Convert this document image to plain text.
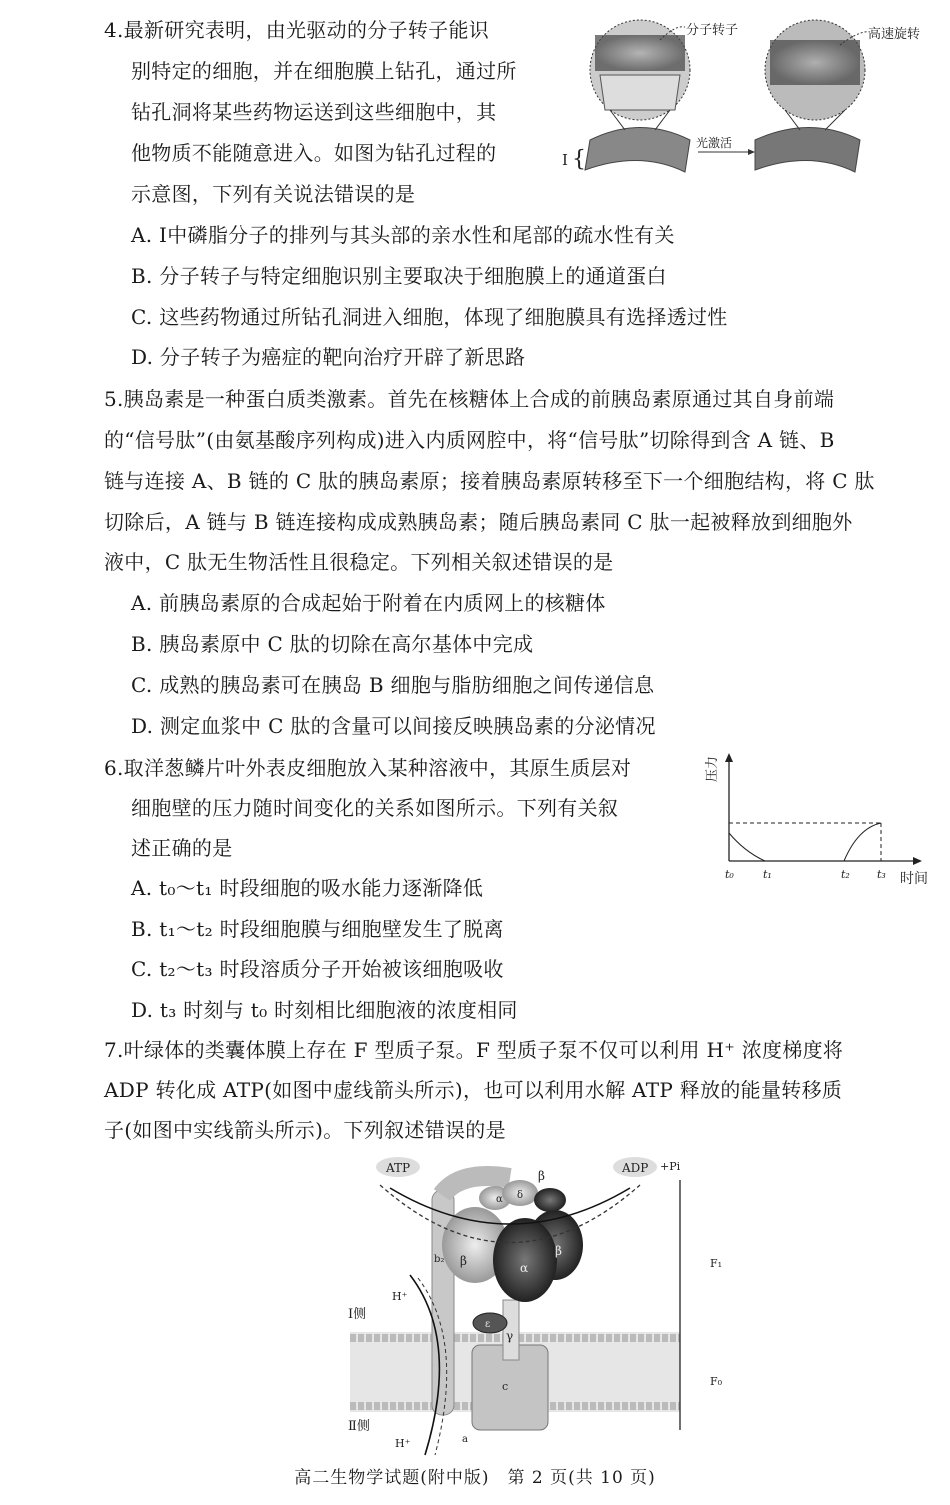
4.最新研究表明，由光驱动的分子转子能识
别特定的细胞，并在细胞膜上钻孔，通过所
钻孔洞将某些药物运送到这些细胞中，其
他物质不能随意进入。如图为钻孔过程的
示意图，下列有关说法错误的是
A. Ⅰ中磷脂分子的排列与其头部的亲水性和尾部的疏水性有关
B. 分子转子与特定细胞识别主要取决于细胞膜上的通道蛋白
C. 这些药物通过所钻孔洞进入细胞，体现了细胞膜具有选择透过性
D. 分子转子为癌症的靶向治疗开辟了新思路
分子转子	高速旋转
光激活
Ⅰ {
5.胰岛素是一种蛋白质类激素。首先在核糖体上合成的前胰岛素原通过其自身前端
的“信号肽”(由氨基酸序列构成)进入内质网腔中，将“信号肽”切除得到含 A 链、B
链与连接 A、B 链的 C 肽的胰岛素原；接着胰岛素原转移至下一个细胞结构，将 C 肽
切除后，A 链与 B 链连接构成成熟胰岛素；随后胰岛素同 C 肽一起被释放到细胞外
液中，C 肽无生物活性且很稳定。下列相关叙述错误的是
A. 前胰岛素原的合成起始于附着在内质网上的核糖体
B. 胰岛素原中 C 肽的切除在高尔基体中完成
C. 成熟的胰岛素可在胰岛 B 细胞与脂肪细胞之间传递信息
D. 测定血浆中 C 肽的含量可以间接反映胰岛素的分泌情况
6.取洋葱鳞片叶外表皮细胞放入某种溶液中，其原生质层对
细胞壁的压力随时间变化的关系如图所示。下列有关叙
述正确的是
A. t₀～t₁ 时段细胞的吸水能力逐渐降低
B. t₁～t₂ 时段细胞膜与细胞壁发生了脱离
C. t₂～t₃ 时段溶质分子开始被该细胞吸收
D. t₃ 时刻与 t₀ 时刻相比细胞液的浓度相同
压力
t₀	t₁	t₂ t₃ 时间
7.叶绿体的类囊体膜上存在 F 型质子泵。F 型质子泵不仅可以利用 H⁺ 浓度梯度将
ADP 转化成 ATP(如图中虚线箭头所示)，也可以利用水解 ATP 释放的能量转移质
子(如图中实线箭头所示)。下列叙述错误的是
ATP	ADP +Pi
β
α δ
b₂ β	α
β
ε
γ
c
a
H⁺
H⁺
Ⅰ侧
Ⅱ侧
F₁
F₀
高二生物学试题(附中版)　第 2 页(共 10 页)
